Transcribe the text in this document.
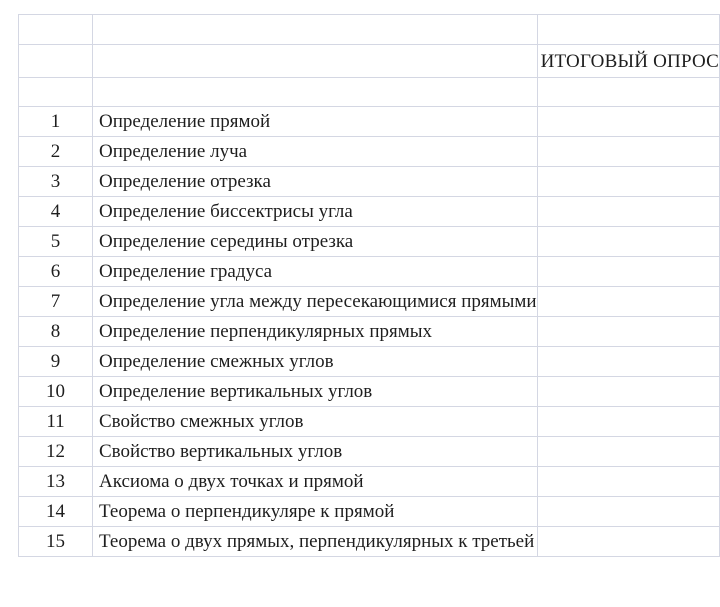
		ИТОГОВЫЙ ОПРОС

1	Определение прямой	
2	Определение луча	
3	Определение отрезка	
4	Определение биссектрисы угла	
5	Определение середины отрезка	
6	Определение градуса	
7	Определение угла между пересекающимися прямыми	
8	Определение перпендикулярных прямых	
9	Определение смежных углов	
10	Определение вертикальных углов	
11	Свойство смежных углов	
12	Свойство вертикальных углов	
13	Аксиома о двух точках и прямой	
14	Теорема о перпендикуляре к прямой	
15	Теорема о двух прямых, перпендикулярных к третьей	
